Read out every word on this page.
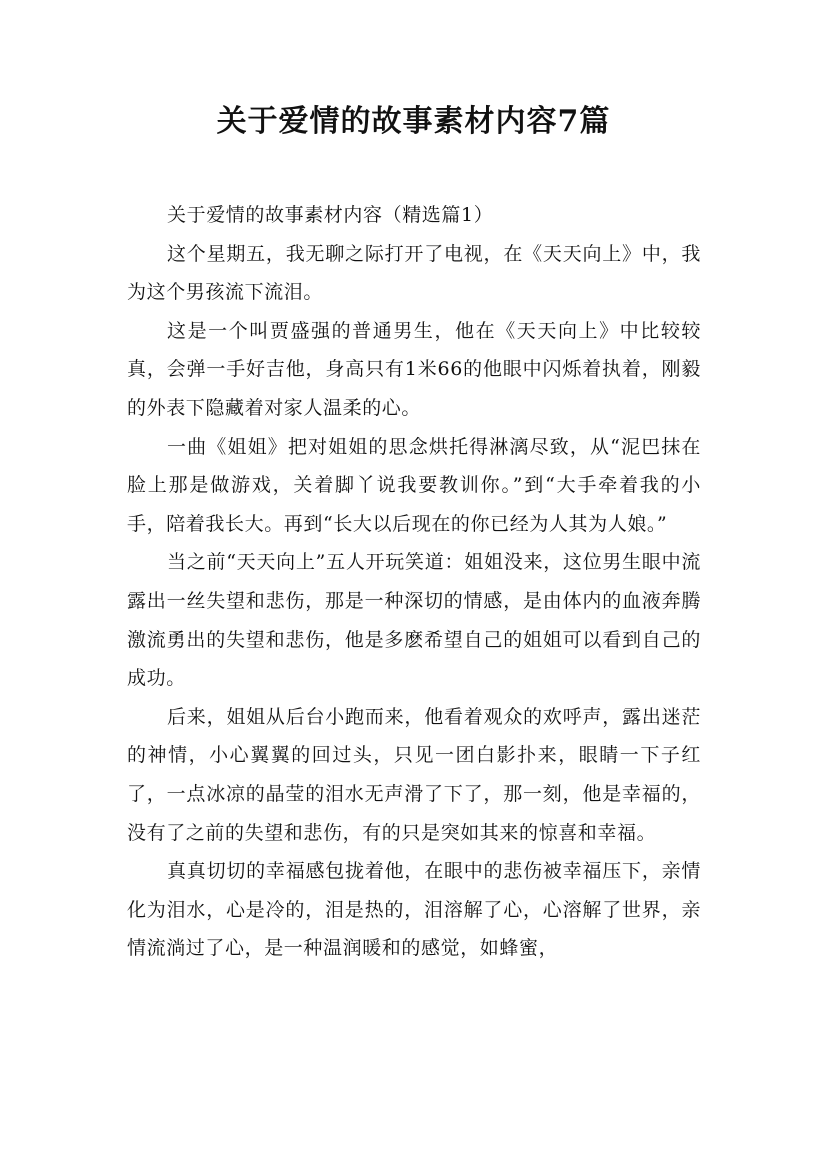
关于爱情的故事素材内容7篇

关于爱情的故事素材内容（精选篇1）

这个星期五，我无聊之际打开了电视，在《天天向上》中，我为这个男孩流下流泪。

这是一个叫贾盛强的普通男生，他在《天天向上》中比较较真，会弹一手好吉他，身高只有1米66的他眼中闪烁着执着，刚毅的外表下隐藏着对家人温柔的心。

一曲《姐姐》把对姐姐的思念烘托得淋漓尽致，从“泥巴抹在脸上那是做游戏，关着脚丫说我要教训你。”到“大手牵着我的小手，陪着我长大。再到“长大以后现在的你已经为人其为人娘。”

当之前“天天向上”五人开玩笑道：姐姐没来，这位男生眼中流露出一丝失望和悲伤，那是一种深切的情感，是由体内的血液奔腾激流勇出的失望和悲伤，他是多麽希望自己的姐姐可以看到自己的成功。

后来，姐姐从后台小跑而来，他看着观众的欢呼声，露出迷茫的神情，小心翼翼的回过头，只见一团白影扑来，眼睛一下子红了，一点冰凉的晶莹的泪水无声滑了下了，那一刻，他是幸福的，没有了之前的失望和悲伤，有的只是突如其来的惊喜和幸福。

真真切切的幸福感包拢着他，在眼中的悲伤被幸福压下，亲情化为泪水，心是冷的，泪是热的，泪溶解了心，心溶解了世界，亲情流淌过了心，是一种温润暖和的感觉，如蜂蜜，
